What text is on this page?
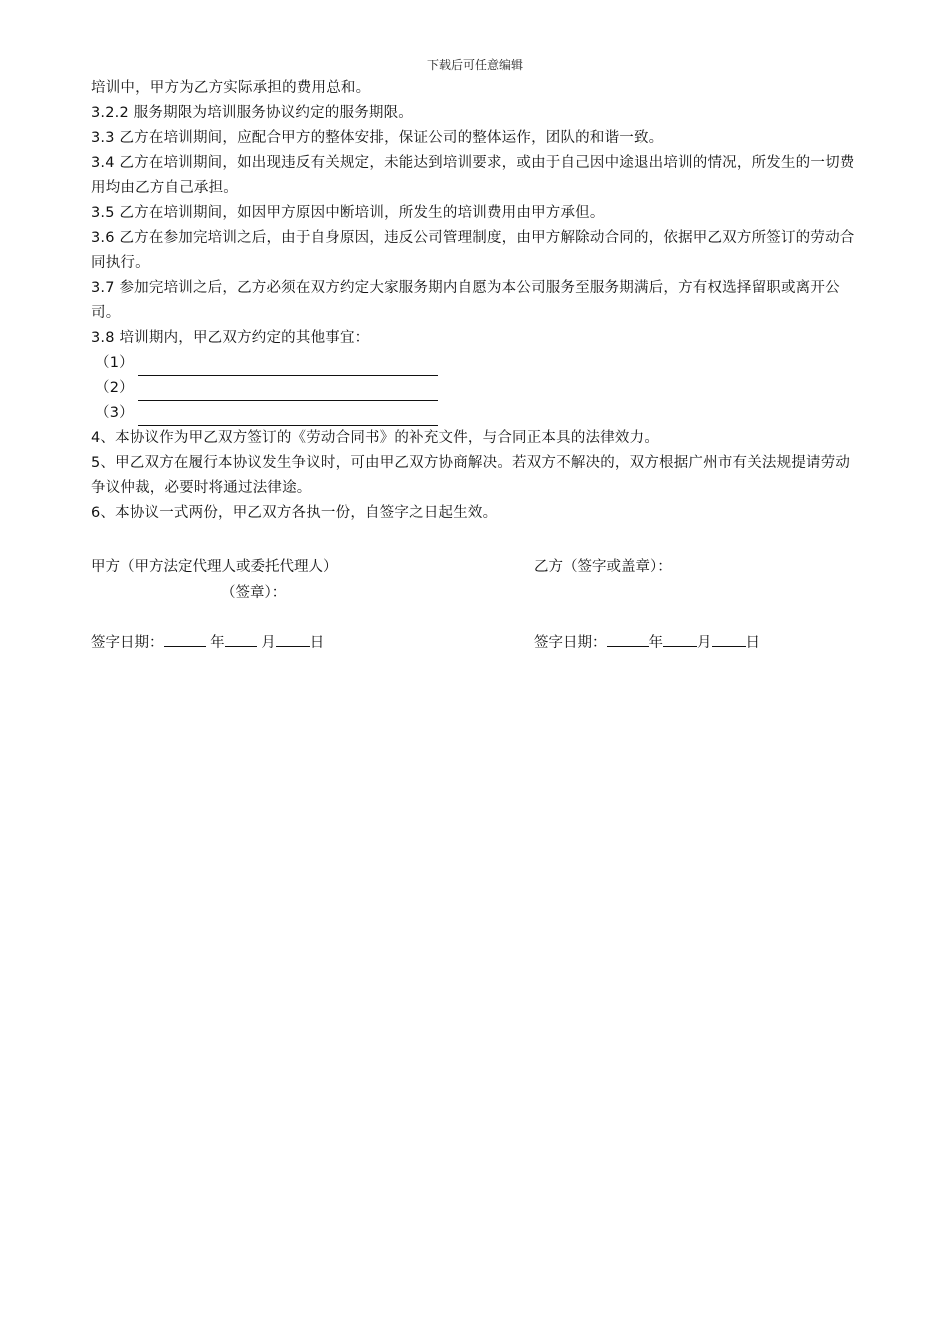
下载后可任意编辑

培训中，甲方为乙方实际承担的费用总和。

3.2.2 服务期限为培训服务协议约定的服务期限。

3.3 乙方在培训期间，应配合甲方的整体安排，保证公司的整体运作，团队的和谐一致。

3.4 乙方在培训期间，如出现违反有关规定，未能达到培训要求，或由于自己因中途退出培训的情况，所发生的一切费用均由乙方自己承担。

3.5 乙方在培训期间，如因甲方原因中断培训，所发生的培训费用由甲方承但。

3.6 乙方在参加完培训之后，由于自身原因，违反公司管理制度，由甲方解除动合同的，依据甲乙双方所签订的劳动合同执行。

3.7 参加完培训之后，乙方必须在双方约定大家服务期内自愿为本公司服务至服务期满后，方有权选择留职或离开公司。

3.8 培训期内，甲乙双方约定的其他事宜：

（1）
（2）
（3）

4、本协议作为甲乙双方签订的《劳动合同书》的补充文件，与合同正本具的法律效力。

5、甲乙双方在履行本协议发生争议时，可由甲乙双方协商解决。若双方不解决的，双方根据广州市有关法规提请劳动争议仲裁，必要时将通过法律途。

6、本协议一式两份，甲乙双方各执一份，自签字之日起生效。

甲方（甲方法定代理人或委托代理人）	乙方（签字或盖章）：
（签章）：
签字日期：	年	月 日	签字日期：	年 月 日
